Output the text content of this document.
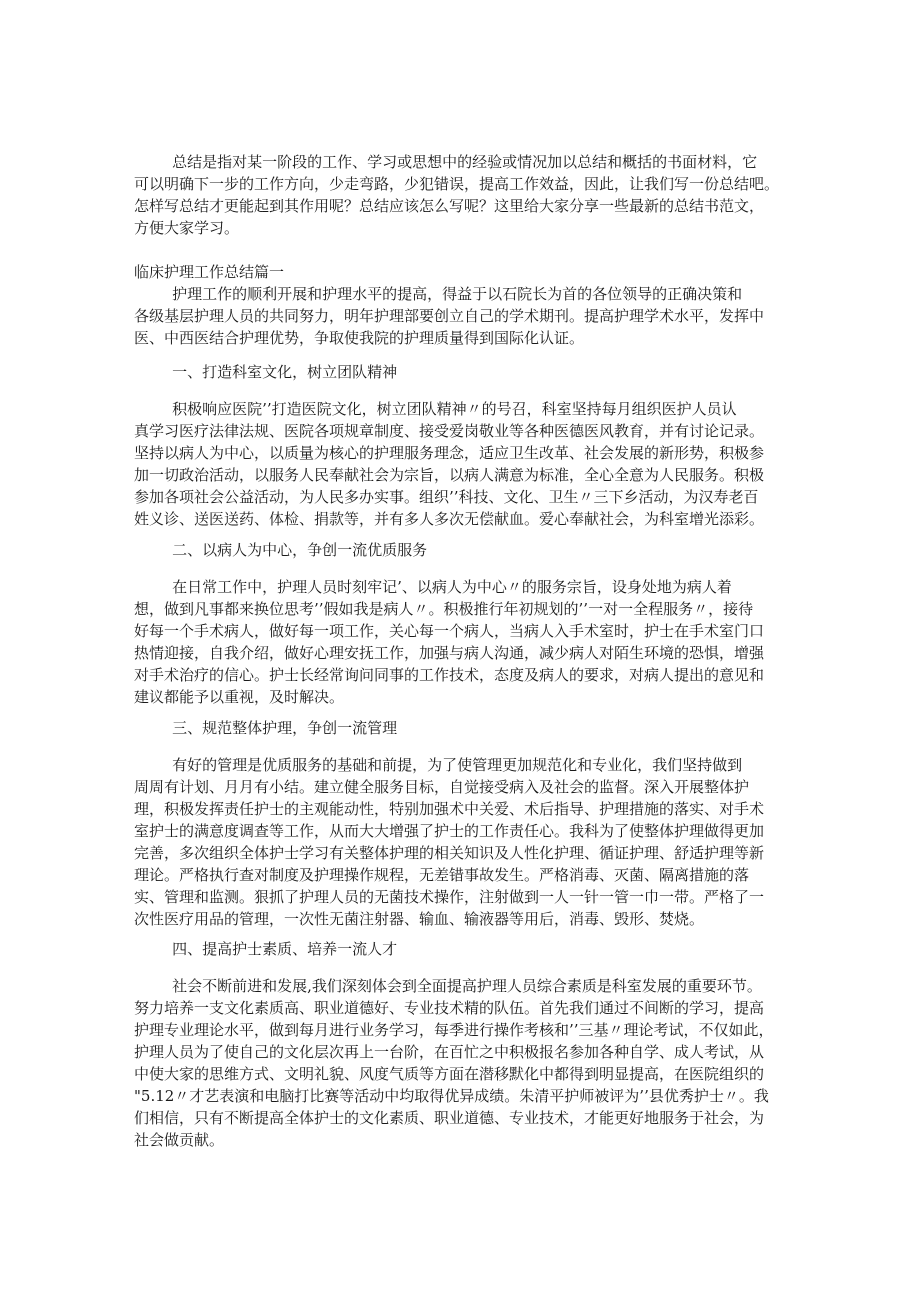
总结是指对某一阶段的工作、学习或思想中的经验或情况加以总结和概括的书面材料，它
可以明确下一步的工作方向，少走弯路，少犯错误，提高工作效益，因此，让我们写一份总结吧。
怎样写总结才更能起到其作用呢？总结应该怎么写呢？这里给大家分享一些最新的总结书范文，
方便大家学习。
临床护理工作总结篇一
护理工作的顺利开展和护理水平的提高，得益于以石院长为首的各位领导的正确决策和
各级基层护理人员的共同努力，明年护理部要创立自己的学术期刊。提高护理学术水平，发挥中
医、中西医结合护理优势，争取使我院的护理质量得到国际化认证。
一、打造科室文化，树立团队精神
积极响应医院’’打造医院文化，树立团队精神〃的号召，科室坚持每月组织医护人员认
真学习医疗法律法规、医院各项规章制度、接受爱岗敬业等各种医德医风教育，并有讨论记录。
坚持以病人为中心，以质量为核心的护理服务理念，适应卫生改革、社会发展的新形势，积极参
加一切政治活动，以服务人民奉献社会为宗旨，以病人满意为标准，全心全意为人民服务。积极
参加各项社会公益活动，为人民多办实事。组织’’科技、文化、卫生〃三下乡活动，为汉寿老百
姓义诊、送医送药、体检、捐款等，并有多人多次无偿献血。爱心奉献社会，为科室增光添彩。
二、以病人为中心，争创一流优质服务
在日常工作中，护理人员时刻牢记’、以病人为中心〃的服务宗旨，设身处地为病人着
想，做到凡事都来换位思考’’假如我是病人〃。积极推行年初规划的’’一对一全程服务〃，接待
好每一个手术病人，做好每一项工作，关心每一个病人，当病人入手术室时，护士在手术室门口
热情迎接，自我介绍，做好心理安抚工作，加强与病人沟通，减少病人对陌生环境的恐惧，增强
对手术治疗的信心。护士长经常询问同事的工作技术，态度及病人的要求，对病人提出的意见和
建议都能予以重视，及时解决。
三、规范整体护理，争创一流管理
有好的管理是优质服务的基础和前提，为了使管理更加规范化和专业化，我们坚持做到
周周有计划、月月有小结。建立健全服务目标，自觉接受病入及社会的监督。深入开展整体护
理，积极发挥责任护士的主观能动性，特别加强术中关爱、术后指导、护理措施的落实、对手术
室护士的满意度调查等工作，从而大大增强了护士的工作责任心。我科为了使整体护理做得更加
完善，多次组织全体护士学习有关整体护理的相关知识及人性化护理、循证护理、舒适护理等新
理论。严格执行查对制度及护理操作规程，无差错事故发生。严格消毒、灭菌、隔离措施的落
实、管理和监测。狠抓了护理人员的无菌技术操作，注射做到一人一针一管一巾一带。严格了一
次性医疗用品的管理，一次性无菌注射器、输血、输液器等用后，消毒、毁形、焚烧。
四、提高护士素质、培养一流人才
社会不断前进和发展,我们深刻体会到全面提高护理人员综合素质是科室发展的重要环节。
努力培养一支文化素质高、职业道德好、专业技术精的队伍。首先我们通过不间断的学习，提高
护理专业理论水平，做到每月进行业务学习，每季进行操作考核和’’三基〃理论考试，不仅如此，
护理人员为了使自己的文化层次再上一台阶，在百忙之中积极报名参加各种自学、成人考试，从
中使大家的思维方式、文明礼貌、风度气质等方面在潜移默化中都得到明显提高，在医院组织的
"5.12〃才艺表演和电脑打比赛等活动中均取得优异成绩。朱清平护师被评为’’县优秀护士〃。我
们相信，只有不断提高全体护士的文化素质、职业道德、专业技术，才能更好地服务于社会，为
社会做贡献。
